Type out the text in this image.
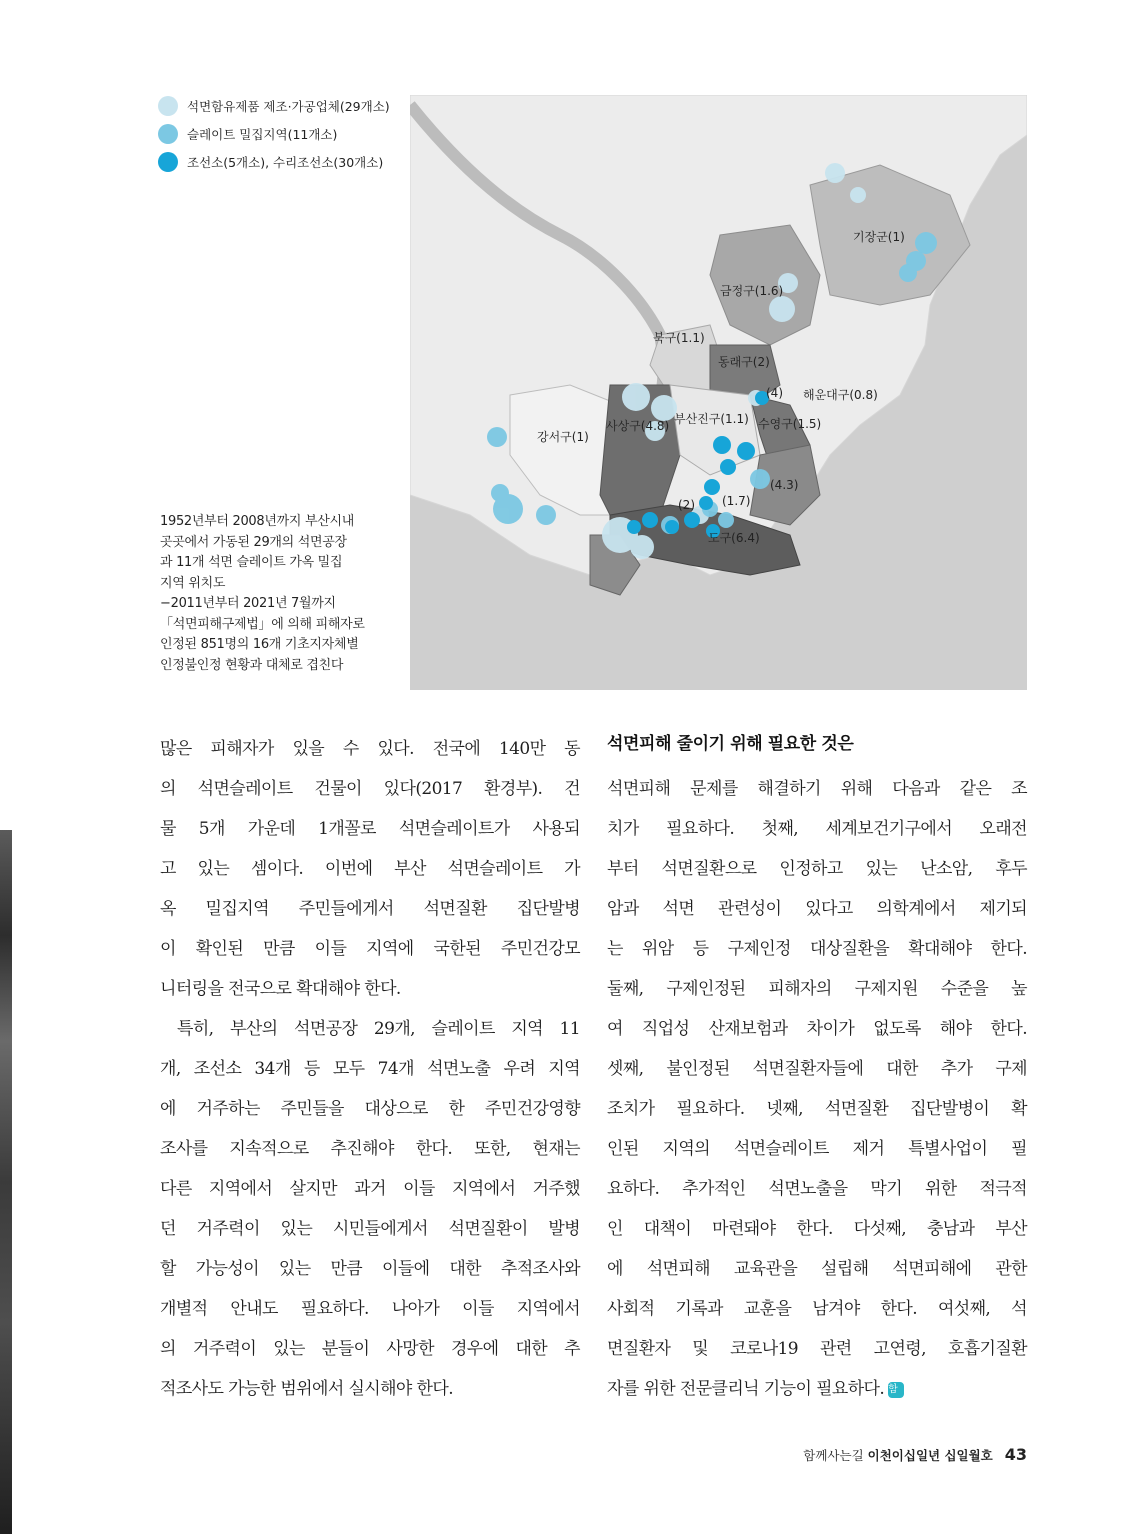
석면함유제품 제조·가공업체(29개소)
슬레이트 밀집지역(11개소)
조선소(5개소), 수리조선소(30개소)
1952년부터 2008년까지 부산시내
곳곳에서 가동된 29개의 석면공장
과 11개 석면 슬레이트 가옥 밀집
지역 위치도
−2011년부터 2021년 7월까지
「석면피해구제법」에 의해 피해자로
인정된 851명의 16개 기초지자체별
인정불인정 현황과 대체로 겹친다
기장군(1)
금정구(1.6)
북구(1.1)
동래구(2)
(4) 해운대구(0.8)
사상구(4.8) 부산진구(1.1) 수영구(1.5)
강서구(1)
(4.3)
(1.7)
(2)
도구(6.4)
많은 피해자가 있을 수 있다. 전국에 140만 동
의 석면슬레이트 건물이 있다(2017 환경부). 건
물 5개 가운데 1개꼴로 석면슬레이트가 사용되
고 있는 셈이다. 이번에 부산 석면슬레이트 가
옥 밀집지역 주민들에게서 석면질환 집단발병
이 확인된 만큼 이들 지역에 국한된 주민건강모
니터링을 전국으로 확대해야 한다.
특히, 부산의 석면공장 29개, 슬레이트 지역 11
개, 조선소 34개 등 모두 74개 석면노출 우려 지역
에 거주하는 주민들을 대상으로 한 주민건강영향
조사를 지속적으로 추진해야 한다. 또한, 현재는
다른 지역에서 살지만 과거 이들 지역에서 거주했
던 거주력이 있는 시민들에게서 석면질환이 발병
할 가능성이 있는 만큼 이들에 대한 추적조사와
개별적 안내도 필요하다. 나아가 이들 지역에서
의 거주력이 있는 분들이 사망한 경우에 대한 추
적조사도 가능한 범위에서 실시해야 한다.
석면피해 줄이기 위해 필요한 것은
석면피해 문제를 해결하기 위해 다음과 같은 조
치가 필요하다. 첫째, 세계보건기구에서 오래전
부터 석면질환으로 인정하고 있는 난소암, 후두
암과 석면 관련성이 있다고 의학계에서 제기되
는 위암 등 구제인정 대상질환을 확대해야 한다.
둘째, 구제인정된 피해자의 구제지원 수준을 높
여 직업성 산재보험과 차이가 없도록 해야 한다.
셋째, 불인정된 석면질환자들에 대한 추가 구제
조치가 필요하다. 넷째, 석면질환 집단발병이 확
인된 지역의 석면슬레이트 제거 특별사업이 필
요하다. 추가적인 석면노출을 막기 위한 적극적
인 대책이 마련돼야 한다. 다섯째, 충남과 부산
에 석면피해 교육관을 설립해 석면피해에 관한
사회적 기록과 교훈을 남겨야 한다. 여섯째, 석
면질환자 및 코로나19 관련 고연령, 호흡기질환
자를 위한 전문클리닉 기능이 필요하다. 함
함께사는길 이천이십일년 십일월호 43
